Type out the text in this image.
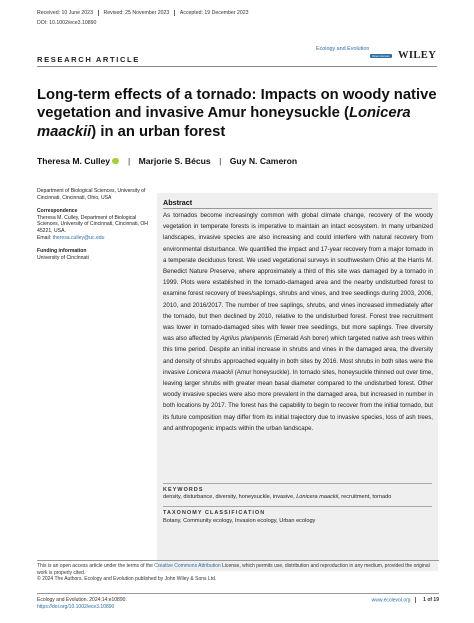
Received: 10 June 2023 Revised: 25 November 2023 Accepted: 19 December 2023
DOI: 10.1002/ece3.10890
RESEARCH ARTICLE
Ecology and Evolution
Open Access WILEY
Long-term effects of a tornado: Impacts on woody native vegetation and invasive Amur honeysuckle (Lonicera maackii) in an urban forest
Theresa M. Culley | Marjorie S. Bécus | Guy N. Cameron
Department of Biological Sciences, University of Cincinnati, Cincinnati, Ohio, USA
Correspondence
Theresa M. Culley, Department of Biological Sciences, University of Cincinnati, Cincinnati, OH 45221, USA.
Email: theresa.culley@uc.edu
Funding information
University of Cincinnati
Abstract
As tornados become increasingly common with global climate change, recovery of the woody vegetation in temperate forests is imperative to maintain an intact ecosystem. In many urbanized landscapes, invasive species are also increasing and could interfere with natural recovery from environmental disturbance. We quantified the impact and 17-year recovery from a major tornado in a temperate deciduous forest. We used vegetational surveys in southwestern Ohio at the Harris M. Benedict Nature Preserve, where approximately a third of this site was damaged by a tornado in 1999. Plots were established in the tornado-damaged area and the nearby undisturbed forest to examine forest recovery of trees/saplings, shrubs and vines, and tree seedlings during 2003, 2006, 2010, and 2016/2017. The number of tree saplings, shrubs, and vines increased immediately after the tornado, but then declined by 2010, relative to the undisturbed forest. Forest tree recruitment was lower in tornado-damaged sites with fewer tree seedlings, but more saplings. Tree diversity was also affected by Agrilus planipennis (Emerald Ash borer) which targeted native ash trees within this time period. Despite an initial increase in shrubs and vines in the damaged area, the diversity and density of shrubs approached equality in both sites by 2016. Most shrubs in both sites were the invasive Lonicera maackii (Amur honeysuckle). In tornado sites, honeysuckle thinned out over time, leaving larger shrubs with greater mean basal diameter compared to the undisturbed forest. Other woody invasive species were also more prevalent in the damaged area, but increased in number in both locations by 2017. The forest has the capability to begin to recover from the initial tornado, but its future composition may differ from its initial trajectory due to invasive species, loss of ash trees, and anthropogenic impacts within the urban landscape.
KEYWORDS
density, disturbance, diversity, honeysuckle, invasive, Lonicera maackii, recruitment, tornado
TAXONOMY CLASSIFICATION
Botany, Community ecology, Invasion ecology, Urban ecology
This is an open access article under the terms of the Creative Commons Attribution License, which permits use, distribution and reproduction in any medium, provided the original work is properly cited.
© 2024 The Authors. Ecology and Evolution published by John Wiley & Sons Ltd.
Ecology and Evolution. 2024;14:e10890.
https://doi.org/10.1002/ece3.10890
www.ecolevol.org	1 of 19
